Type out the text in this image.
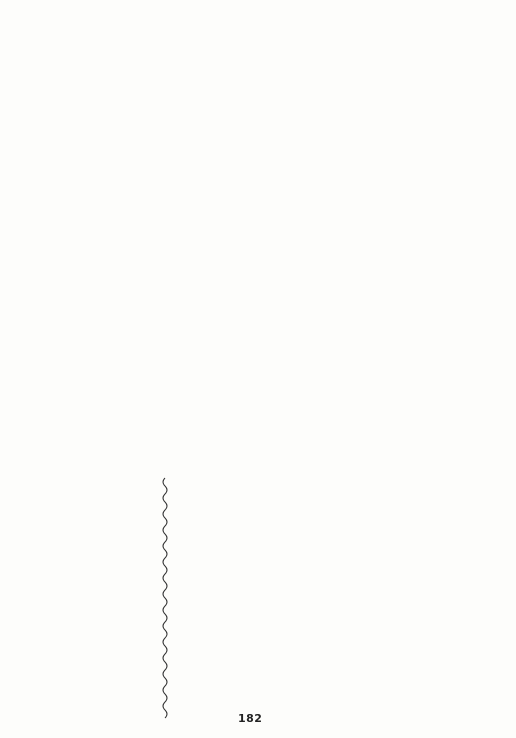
182
